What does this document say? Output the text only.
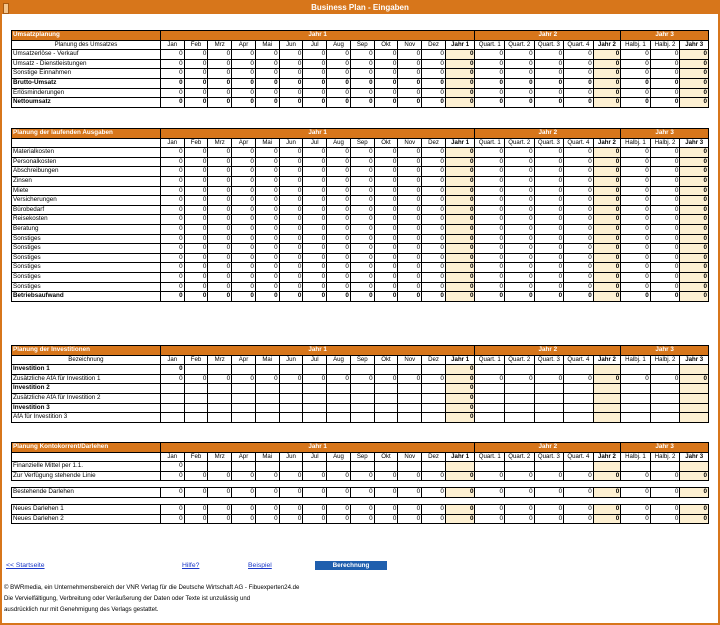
Business Plan - Eingaben
Umsatzplanung	Jahr 1													Jahr 2					Jahr 3		
Planung des Umsatzes	Jan	Feb	Mrz	Apr	Mai	Jun	Jul	Aug	Sep	Okt	Nov	Dez	Jahr 1	Quart. 1	Quart. 2	Quart. 3	Quart. 4	Jahr 2	Halbj. 1	Halbj. 2	Jahr 3
Umsatzerlöse - Verkauf	0	0	0	0	0	0	0	0	0	0	0	0	0	0	0	0	0	0	0	0	0
Umsatz - Dienstleistungen	0	0	0	0	0	0	0	0	0	0	0	0	0	0	0	0	0	0	0	0	0
Sonstige Einnahmen	0	0	0	0	0	0	0	0	0	0	0	0	0	0	0	0	0	0	0	0	0
Brutto-Umsatz	0	0	0	0	0	0	0	0	0	0	0	0	0	0	0	0	0	0	0	0	0
Erlösminderungen	0	0	0	0	0	0	0	0	0	0	0	0	0	0	0	0	0	0	0	0	0
Nettoumsatz	0	0	0	0	0	0	0	0	0	0	0	0	0	0	0	0	0	0	0	0	0
Planung der laufenden Ausgaben	Jahr 1													Jahr 2					Jahr 3		
	Jan	Feb	Mrz	Apr	Mai	Jun	Jul	Aug	Sep	Okt	Nov	Dez	Jahr 1	Quart. 1	Quart. 2	Quart. 3	Quart. 4	Jahr 2	Halbj. 1	Halbj. 2	Jahr 3
Materialkosten	0	0	0	0	0	0	0	0	0	0	0	0	0	0	0	0	0	0	0	0	0
Personalkosten	0	0	0	0	0	0	0	0	0	0	0	0	0	0	0	0	0	0	0	0	0
Abschreibungen	0	0	0	0	0	0	0	0	0	0	0	0	0	0	0	0	0	0	0	0	0
Zinsen	0	0	0	0	0	0	0	0	0	0	0	0	0	0	0	0	0	0	0	0	0
Miete	0	0	0	0	0	0	0	0	0	0	0	0	0	0	0	0	0	0	0	0	0
Versicherungen	0	0	0	0	0	0	0	0	0	0	0	0	0	0	0	0	0	0	0	0	0
Bürobedarf	0	0	0	0	0	0	0	0	0	0	0	0	0	0	0	0	0	0	0	0	0
Reisekosten	0	0	0	0	0	0	0	0	0	0	0	0	0	0	0	0	0	0	0	0	0
Beratung	0	0	0	0	0	0	0	0	0	0	0	0	0	0	0	0	0	0	0	0	0
Sonstiges	0	0	0	0	0	0	0	0	0	0	0	0	0	0	0	0	0	0	0	0	0
Sonstiges	0	0	0	0	0	0	0	0	0	0	0	0	0	0	0	0	0	0	0	0	0
Sonstiges	0	0	0	0	0	0	0	0	0	0	0	0	0	0	0	0	0	0	0	0	0
Sonstiges	0	0	0	0	0	0	0	0	0	0	0	0	0	0	0	0	0	0	0	0	0
Sonstiges	0	0	0	0	0	0	0	0	0	0	0	0	0	0	0	0	0	0	0	0	0
Sonstiges	0	0	0	0	0	0	0	0	0	0	0	0	0	0	0	0	0	0	0	0	0
Betriebsaufwand	0	0	0	0	0	0	0	0	0	0	0	0	0	0	0	0	0	0	0	0	0
Planung der Investitionen	Jahr 1													Jahr 2					Jahr 3		
Bezeichnung	Jan	Feb	Mrz	Apr	Mai	Jun	Jul	Aug	Sep	Okt	Nov	Dez	Jahr 1	Quart. 1	Quart. 2	Quart. 3	Quart. 4	Jahr 2	Halbj. 1	Halbj. 2	Jahr 3
Investition 1	0												0								
Zusätzliche AfA für Investition 1	0	0	0	0	0	0	0	0	0	0	0	0	0	0	0	0	0	0	0	0	0
Investition 2													0								
Zusätzliche AfA für Investition 2													0								
Investition 3													0								
AfA für Investition 3													0								
Planung Kontokorrent/Darlehen	Jahr 1													Jahr 2					Jahr 3		
	Jan	Feb	Mrz	Apr	Mai	Jun	Jul	Aug	Sep	Okt	Nov	Dez	Jahr 1	Quart. 1	Quart. 2	Quart. 3	Quart. 4	Jahr 2	Halbj. 1	Halbj. 2	Jahr 3
Finanzielle Mittel per 1.1.	0																				
Zur Verfügung stehende Linie	0	0	0	0	0	0	0	0	0	0	0	0	0	0	0	0	0	0	0	0	0

Bestehende Darlehen	0	0	0	0	0	0	0	0	0	0	0	0	0	0	0	0	0	0	0	0	0

Neues Darlehen 1	0	0	0	0	0	0	0	0	0	0	0	0	0	0	0	0	0	0	0	0	0
Neues Darlehen 2	0	0	0	0	0	0	0	0	0	0	0	0	0	0	0	0	0	0	0	0	0
<< Startseite	Hilfe?	Beispiel	Berechnung
© BWRmedia, ein Unternehmensbereich der VNR Verlag für die Deutsche Wirtschaft AG - Fibuexperten24.de
Die Vervielfältigung, Verbreitung oder Veräußerung der Daten oder Texte ist unzulässig und
ausdrücklich nur mit Genehmigung des Verlags gestattet.
